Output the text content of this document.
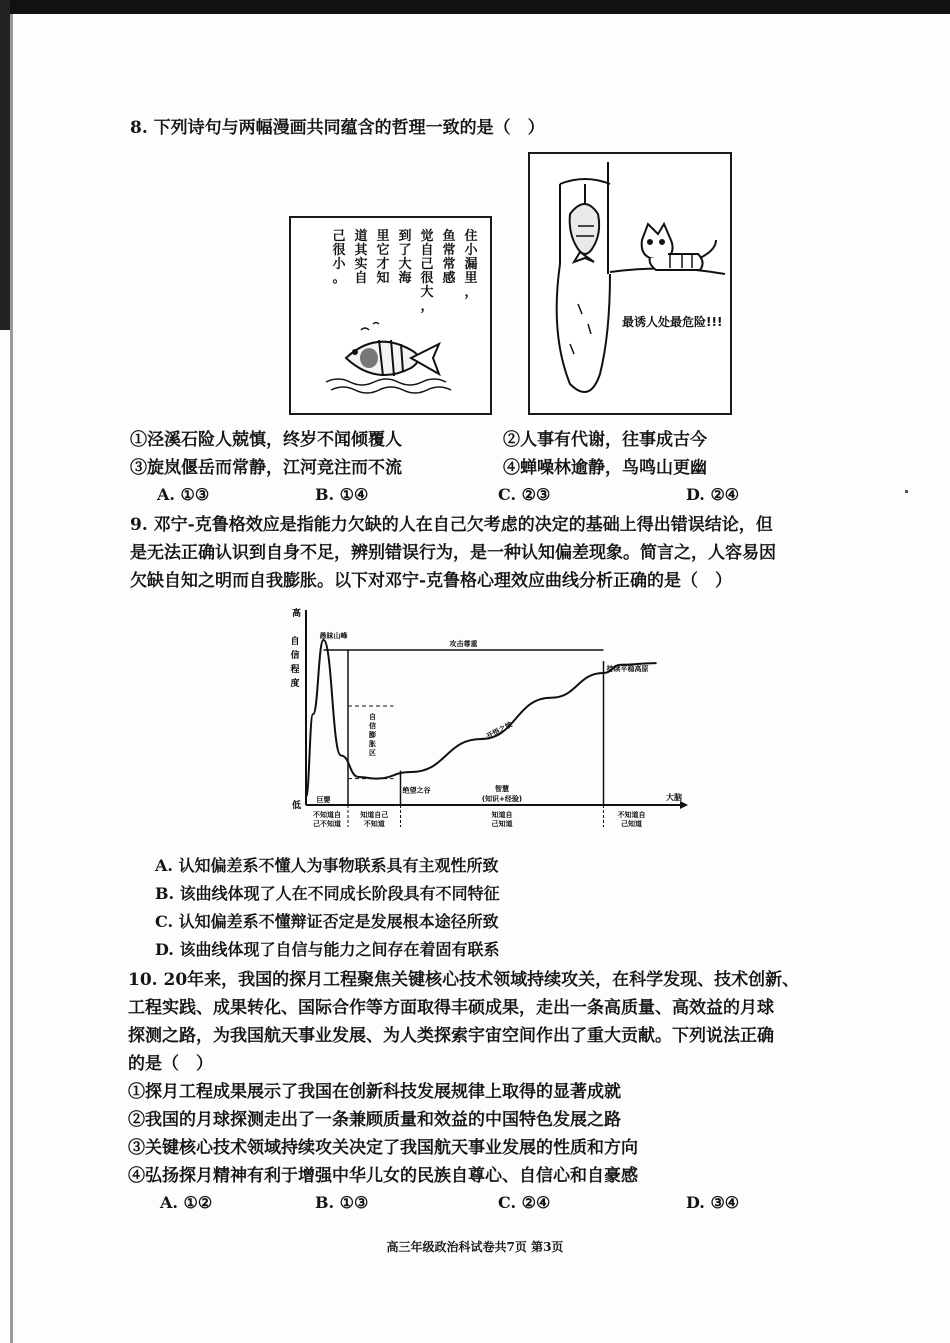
8. 下列诗句与两幅漫画共同蕴含的哲理一致的是（　）
住小漏里，
鱼常常感
觉自己很大，
到了大海
里它才知
道其实自
己很小。
最诱人处最危险!!!
①泾溪石险人兢慎，终岁不闻倾覆人	②人事有代谢，往事成古今
③旋岚偃岳而常静，江河竞注而不流	④蝉噪林逾静，鸟鸣山更幽
A. ①③	B. ①④	C. ②③	D. ②④
9. 邓宁-克鲁格效应是指能力欠缺的人在自己欠考虑的决定的基础上得出错误结论，但
是无法正确认识到自身不足，辨别错误行为，是一种认知偏差现象。简言之，人容易因
欠缺自知之明而自我膨胀。以下对邓宁-克鲁格心理效应曲线分析正确的是（　）
高
低
自信程度
大脑
愚昧山峰
攻击尊重
持续平稳高原
绝望之谷
开悟之坡
自信膨胀区
巨婴
智慧
(知识+经验)
不知道自己不知道
知道自己不知道
知道自己知道
不知道自己知道
A. 认知偏差系不懂人为事物联系具有主观性所致
B. 该曲线体现了人在不同成长阶段具有不同特征
C. 认知偏差系不懂辩证否定是发展根本途径所致
D. 该曲线体现了自信与能力之间存在着固有联系
10. 20年来，我国的探月工程聚焦关键核心技术领域持续攻关，在科学发现、技术创新、
工程实践、成果转化、国际合作等方面取得丰硕成果，走出一条高质量、高效益的月球
探测之路，为我国航天事业发展、为人类探索宇宙空间作出了重大贡献。下列说法正确
的是（　）
①探月工程成果展示了我国在创新科技发展规律上取得的显著成就
②我国的月球探测走出了一条兼顾质量和效益的中国特色发展之路
③关键核心技术领域持续攻关决定了我国航天事业发展的性质和方向
④弘扬探月精神有利于增强中华儿女的民族自尊心、自信心和自豪感
A. ①②	B. ①③	C. ②④	D. ③④
高三年级政治科试卷共7页 第3页
